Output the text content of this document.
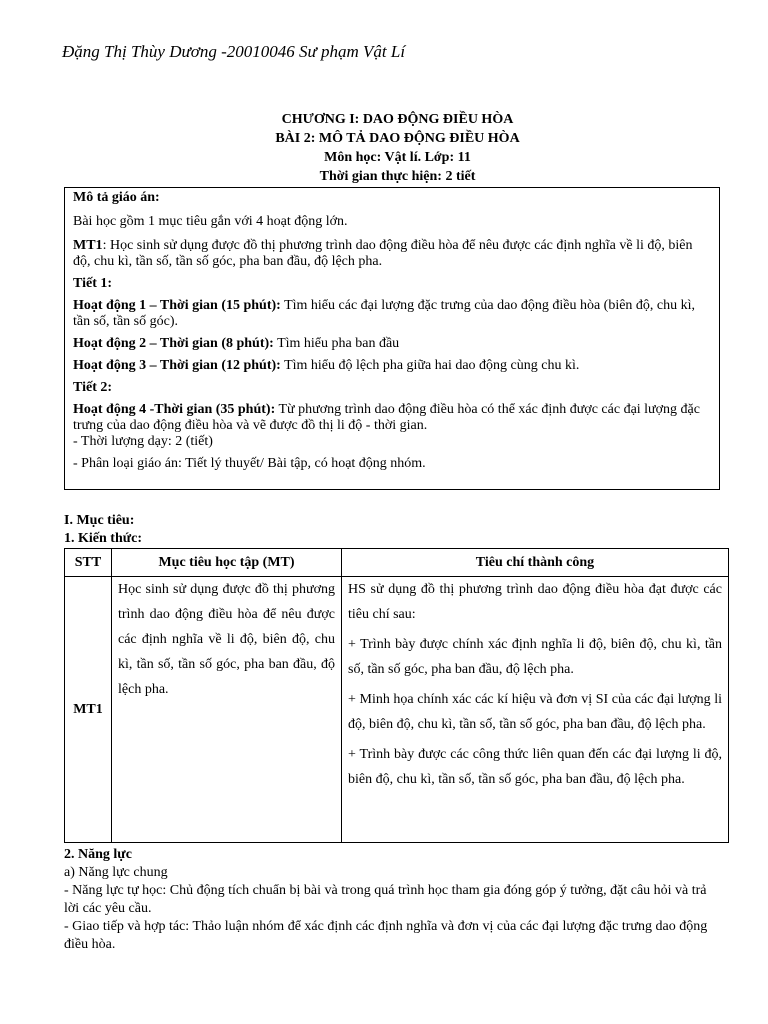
Đặng Thị Thùy Dương -20010046 Sư phạm Vật Lí
CHƯƠNG I: DAO ĐỘNG ĐIỀU HÒA
BÀI 2: MÔ TẢ DAO ĐỘNG ĐIỀU HÒA
Môn học: Vật lí. Lớp: 11
Thời gian thực hiện: 2 tiết

Mô tả giáo án:

Bài học gồm 1 mục tiêu gắn với 4 hoạt động lớn.

MT1: Học sinh sử dụng được đồ thị phương trình dao động điều hòa để nêu được các định nghĩa về li độ, biên độ, chu kì, tần số, tần số góc, pha ban đầu, độ lệch pha.

Tiết 1:

Hoạt động 1 – Thời gian (15 phút): Tìm hiểu các đại lượng đặc trưng của dao động điều hòa (biên độ, chu kì, tần số, tần số góc).

Hoạt động 2 – Thời gian (8 phút): Tìm hiểu pha ban đầu

Hoạt động 3 – Thời gian (12 phút): Tìm hiểu độ lệch pha giữa hai dao động cùng chu kì.

Tiết 2:

Hoạt động 4 -Thời gian (35 phút): Từ phương trình dao động điều hòa có thể xác định được các đại lượng đặc trưng của dao động điều hòa và vẽ được đồ thị li độ - thời gian.

- Thời lượng dạy: 2 (tiết)

- Phân loại giáo án: Tiết lý thuyết/ Bài tập, có hoạt động nhóm.

I. Mục tiêu:
1. Kiến thức:
STT	Mục tiêu học tập (MT)	Tiêu chí thành công
MT1	Học sinh sử dụng được đồ thị phương trình dao động điều hòa để nêu được các định nghĩa về li độ, biên độ, chu kì, tần số, tần số góc, pha ban đầu, độ lệch pha.	HS sử dụng đồ thị phương trình dao động điều hòa đạt được các tiêu chí sau:
+ Trình bày được chính xác định nghĩa li độ, biên độ, chu kì, tần số, tần số góc, pha ban đầu, độ lệch pha.
+ Minh họa chính xác các kí hiệu và đơn vị SI của các đại lượng li độ, biên độ, chu kì, tần số, tần số góc, pha ban đầu, độ lệch pha.
+ Trình bày được các công thức liên quan đến các đại lượng li độ, biên độ, chu kì, tần số, tần số góc, pha ban đầu, độ lệch pha.

2. Năng lực

a) Năng lực chung

- Năng lực tự học: Chủ động tích chuẩn bị bài và trong quá trình học tham gia đóng góp ý tưởng, đặt câu hỏi và trả lời các yêu cầu.

- Giao tiếp và hợp tác: Thảo luận nhóm để xác định các định nghĩa và đơn vị của các đại lượng đặc trưng dao động điều hòa.
